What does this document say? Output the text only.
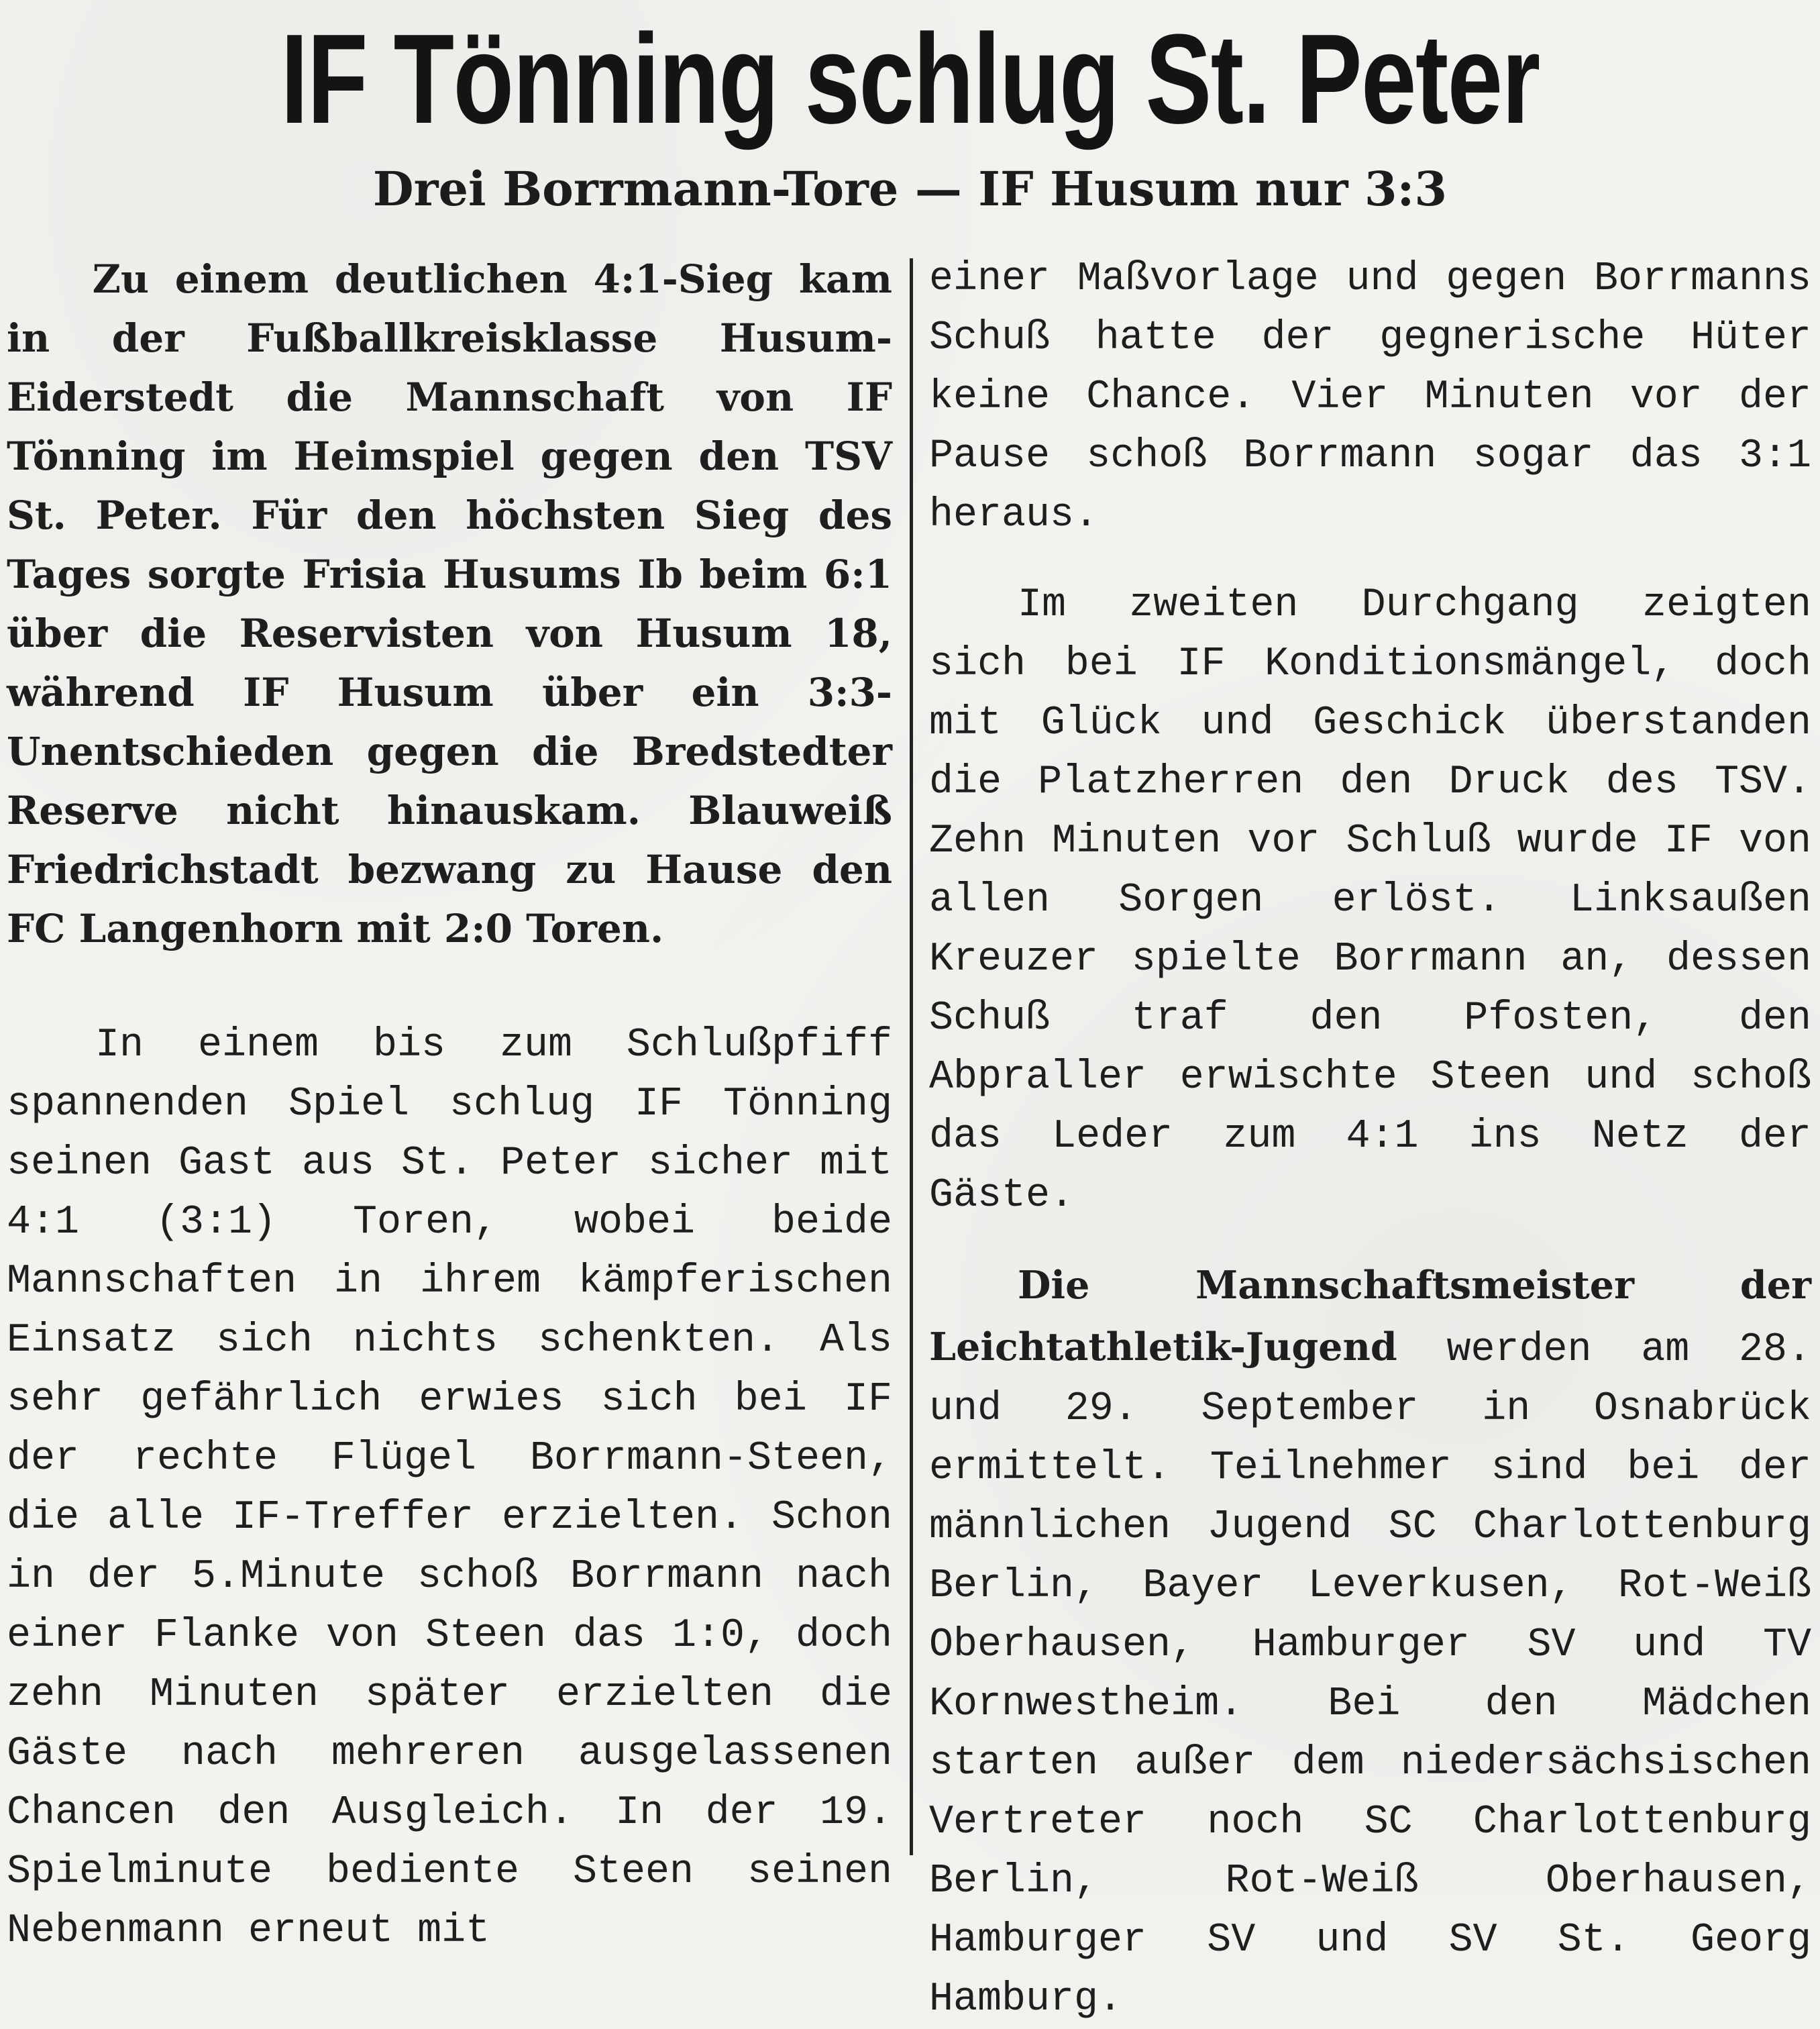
IF Tönning schlug St. Peter
Drei Borrmann-Tore — IF Husum nur 3:3

Zu einem deutlichen 4:1-Sieg kam in der Fußballkreisklasse Husum-Eiderstedt die Mannschaft von IF Tönning im Heimspiel gegen den TSV St. Peter. Für den höchsten Sieg des Tages sorgte Frisia Husums Ib beim 6:1 über die Reservisten von Husum 18, während IF Husum über ein 3:3-Unentschieden gegen die Bredstedter Reserve nicht hinauskam. Blauweiß Friedrichstadt bezwang zu Hause den FC Langenhorn mit 2:0 Toren.

In einem bis zum Schlußpfiff spannenden Spiel schlug IF Tönning seinen Gast aus St. Peter sicher mit 4:1 (3:1) Toren, wobei beide Mannschaften in ihrem kämpferischen Einsatz sich nichts schenkten. Als sehr gefährlich erwies sich bei IF der rechte Flügel Borrmann-Steen, die alle IF-Treffer erzielten. Schon in der 5.Minute schoß Borrmann nach einer Flanke von Steen das 1:0, doch zehn Minuten später erzielten die Gäste nach mehreren ausgelassenen Chancen den Ausgleich. In der 19. Spielminute bediente Steen seinen Nebenmann erneut mit

einer Maßvorlage und gegen Borrmanns Schuß hatte der gegnerische Hüter keine Chance. Vier Minuten vor der Pause schoß Borrmann sogar das 3:1 heraus.

Im zweiten Durchgang zeigten sich bei IF Konditionsmängel, doch mit Glück und Geschick überstanden die Platzherren den Druck des TSV. Zehn Minuten vor Schluß wurde IF von allen Sorgen erlöst. Linksaußen Kreuzer spielte Borrmann an, dessen Schuß traf den Pfosten, den Abpraller erwischte Steen und schoß das Leder zum 4:1 ins Netz der Gäste.

Die Mannschaftsmeister der Leichtathletik-Jugend werden am 28. und 29. September in Osnabrück ermittelt. Teilnehmer sind bei der männlichen Jugend SC Charlottenburg Berlin, Bayer Leverkusen, Rot-Weiß Oberhausen, Hamburger SV und TV Kornwestheim. Bei den Mädchen starten außer dem niedersächsischen Vertreter noch SC Charlottenburg Berlin, Rot-Weiß Oberhausen, Hamburger SV und SV St. Georg Hamburg.
